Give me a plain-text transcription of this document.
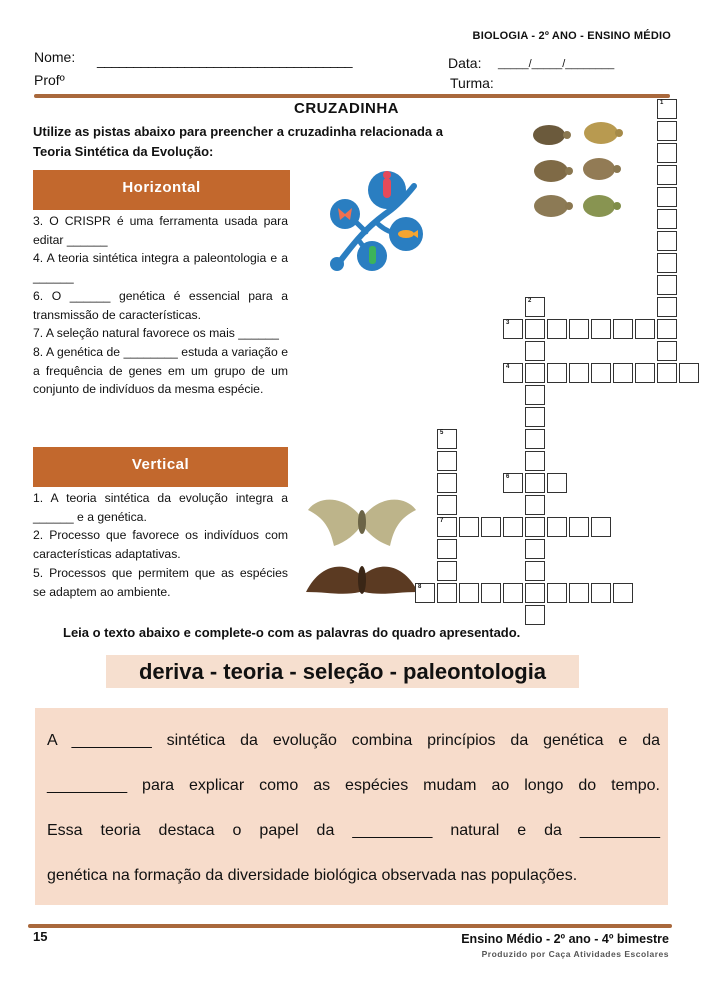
BIOLOGIA - 2º ANO - ENSINO MÉDIO
Nome: ___________________________________
Profº
Data: _____/_____/________
Turma:
CRUZADINHA
Utilize as pistas abaixo para preencher a cruzadinha relacionada a Teoria Sintética da Evolução:
Horizontal

3. O CRISPR é uma ferramenta usada para editar ______

4. A teoria sintética integra a paleontologia e a ______

6. O ______ genética é essencial para a transmissão de características.

7. A seleção natural favorece os mais ______

8. A genética de ________ estuda a variação e a frequência de genes em um grupo de um conjunto de indivíduos da mesma espécie.

Vertical

1. A teoria sintética da evolução integra a ______ e a genética.

2. Processo que favorece os indivíduos com características adaptativas.

5. Processos que permitem que as espécies se adaptem ao ambiente.

1
2
3
4
5
6
7
8
Leia o texto abaixo e complete-o com as palavras do quadro apresentado.
deriva - teoria - seleção - paleontologia
A _________ sintética da evolução combina princípios da genética e da
_________ para explicar como as espécies mudam ao longo do tempo.
Essa teoria destaca o papel da _________ natural e da _________
genética na formação da diversidade biológica observada nas populações.
15	Ensino Médio - 2º ano - 4º bimestre
Produzido por Caça Atividades Escolares
